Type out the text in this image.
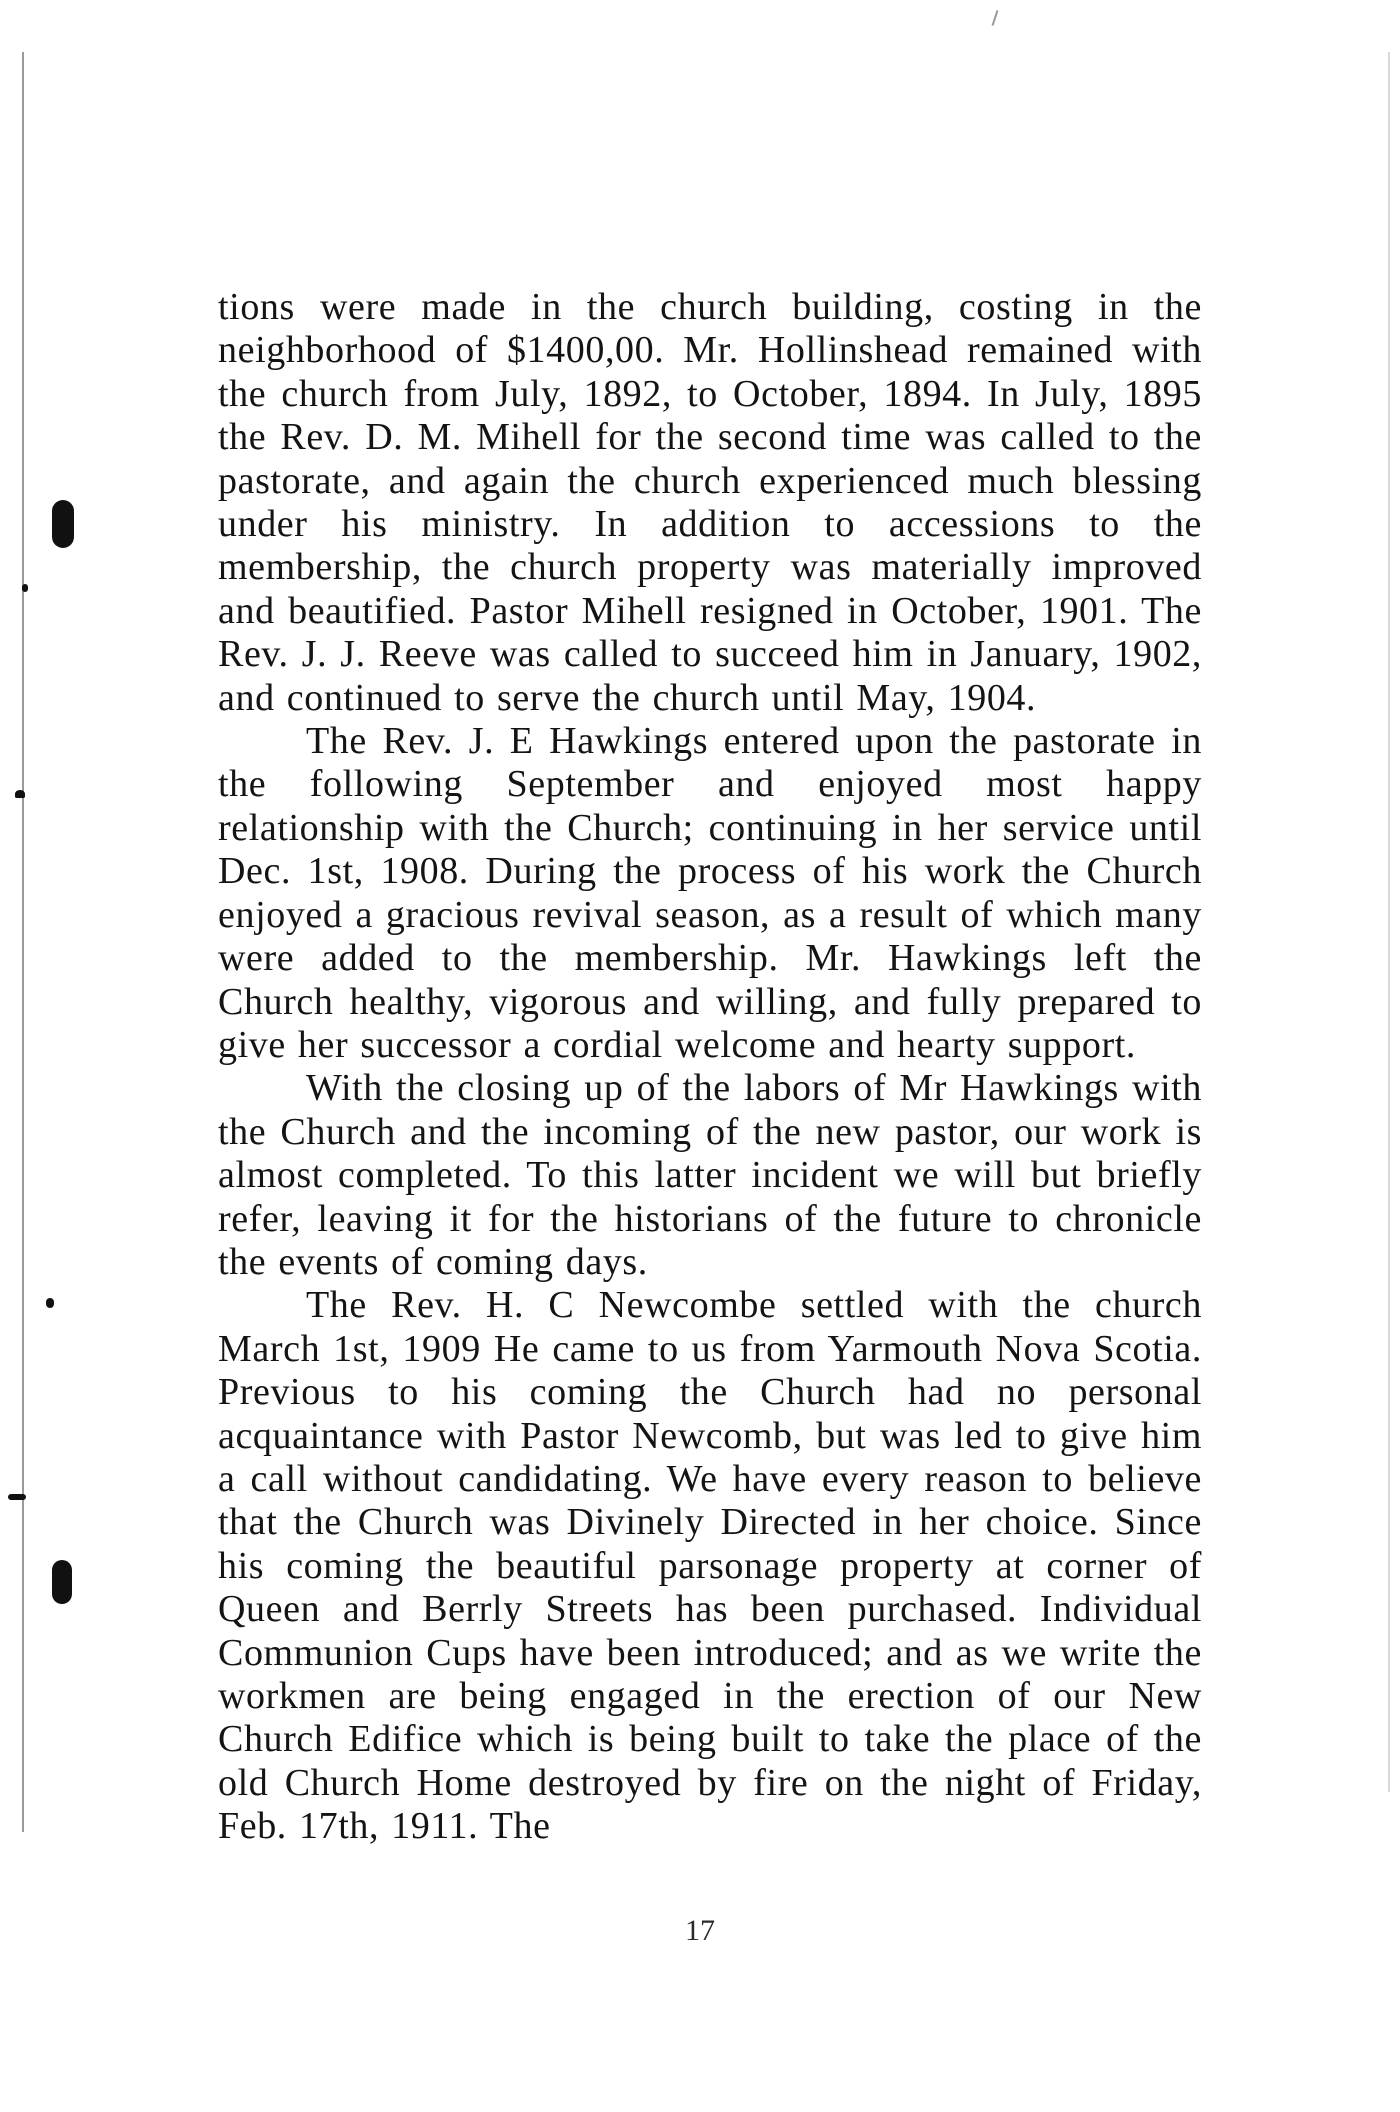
tions were made in the church building, costing in the neighborhood of $1400,00. Mr. Hollinshead remained with the church from July, 1892, to October, 1894. In July, 1895 the Rev. D. M. Mihell for the second time was called to the pastorate, and again the church experienced much blessing under his ministry. In addition to accessions to the membership, the church property was materially improved and beautified. Pastor Mihell resigned in October, 1901. The Rev. J. J. Reeve was called to succeed him in January, 1902, and continued to serve the church until May, 1904.

The Rev. J. E Hawkings entered upon the pastorate in the following September and enjoyed most happy relationship with the Church; continuing in her service until Dec. 1st, 1908. During the process of his work the Church enjoyed a gracious revival season, as a result of which many were added to the membership. Mr. Hawkings left the Church healthy, vigorous and willing, and fully prepared to give her successor a cordial welcome and hearty support.

With the closing up of the labors of Mr Hawkings with the Church and the incoming of the new pastor, our work is almost completed. To this latter incident we will but briefly refer, leaving it for the historians of the future to chronicle the events of coming days.

The Rev. H. C Newcombe settled with the church March 1st, 1909 He came to us from Yarmouth Nova Scotia. Previous to his coming the Church had no personal acquaintance with Pastor Newcomb, but was led to give him a call without candidating. We have every reason to believe that the Church was Divinely Directed in her choice. Since his coming the beautiful parsonage property at corner of Queen and Berrly Streets has been purchased. Individual Communion Cups have been introduced; and as we write the workmen are being engaged in the erection of our New Church Edifice which is being built to take the place of the old Church Home destroyed by fire on the night of Friday, Feb. 17th, 1911. The

17
